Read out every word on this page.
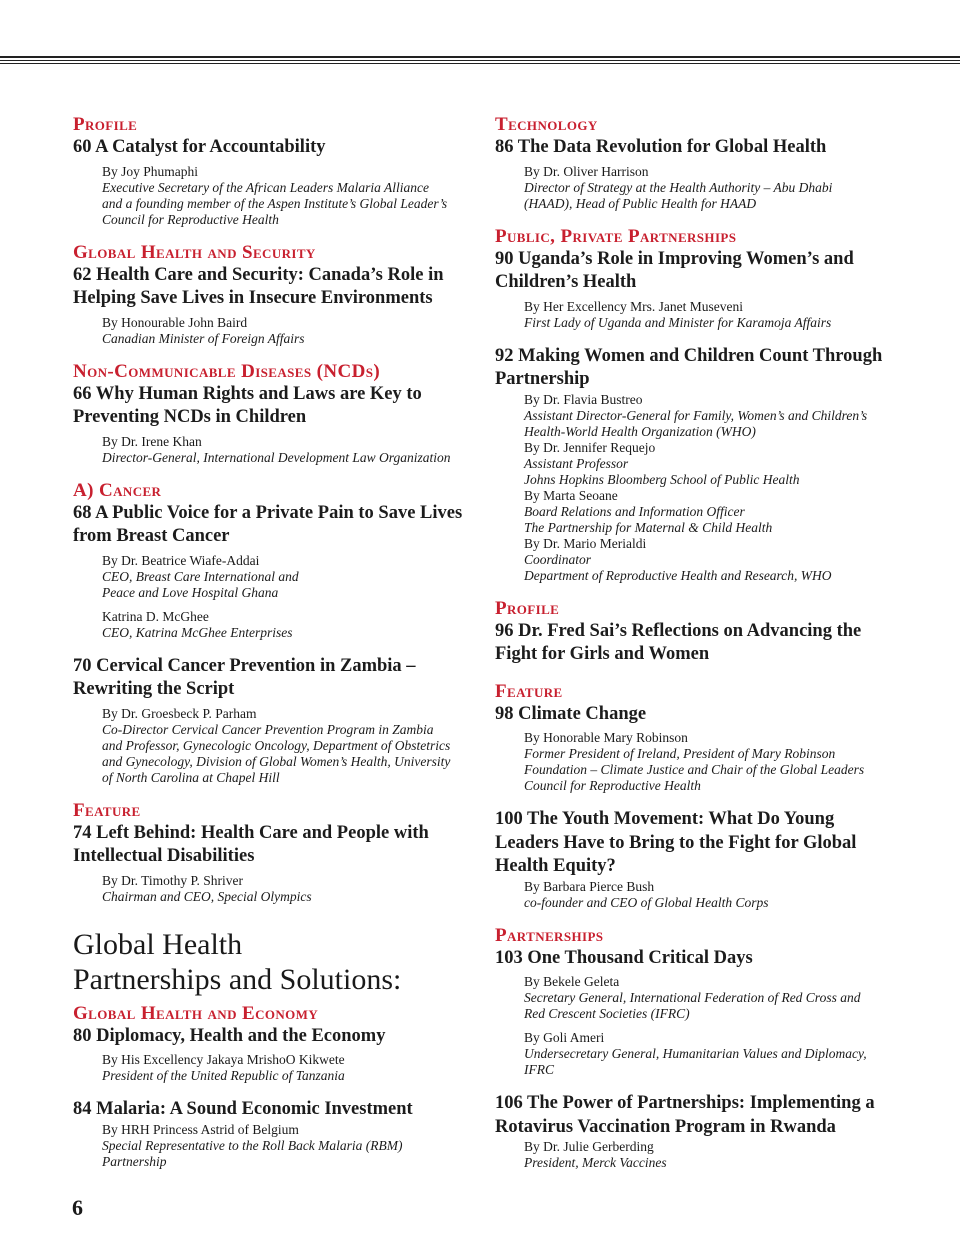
Profile
60 A Catalyst for Accountability
By Joy Phumaphi
Executive Secretary of the African Leaders Malaria Alliance
and a founding member of the Aspen Institute’s Global Leader’s
Council for Reproductive Health
Global Health and Security
62 Health Care and Security: Canada’s Role in Helping Save Lives in Insecure Environments
By Honourable John Baird
Canadian Minister of Foreign Affairs
Non-Communicable Diseases (NCDs)
66 Why Human Rights and Laws are Key to Preventing NCDs in Children
By Dr. Irene Khan
Director-General, International Development Law Organization
A) Cancer
68 A Public Voice for a Private Pain to Save Lives from Breast Cancer
By Dr. Beatrice Wiafe-Addai
CEO, Breast Care International and
Peace and Love Hospital Ghana
Katrina D. McGhee
CEO, Katrina McGhee Enterprises
70 Cervical Cancer Prevention in Zambia – Rewriting the Script
By Dr. Groesbeck P. Parham
Co-Director Cervical Cancer Prevention Program in Zambia
and Professor, Gynecologic Oncology, Department of Obstetrics
and Gynecology, Division of Global Women’s Health, University
of North Carolina at Chapel Hill
Feature
74 Left Behind: Health Care and People with Intellectual Disabilities
By Dr. Timothy P. Shriver
Chairman and CEO, Special Olympics
Global Health
Partnerships and Solutions:
Global Health and Economy
80 Diplomacy, Health and the Economy
By His Excellency Jakaya MrishoO Kikwete
President of the United Republic of Tanzania
84 Malaria: A Sound Economic Investment
By HRH Princess Astrid of Belgium
Special Representative to the Roll Back Malaria (RBM)
Partnership
Technology
86 The Data Revolution for Global Health
By Dr. Oliver Harrison
Director of Strategy at the Health Authority – Abu Dhabi
(HAAD), Head of Public Health for HAAD
Public, Private Partnerships
90 Uganda’s Role in Improving Women’s and Children’s Health
By Her Excellency Mrs. Janet Museveni
First Lady of Uganda and Minister for Karamoja Affairs
92 Making Women and Children Count Through Partnership
By Dr. Flavia Bustreo
Assistant Director-General for Family, Women’s and Children’s
Health-World Health Organization (WHO)
By Dr. Jennifer Requejo
Assistant Professor
Johns Hopkins Bloomberg School of Public Health
By Marta Seoane
Board Relations and Information Officer
The Partnership for Maternal & Child Health
By Dr. Mario Merialdi
Coordinator
Department of Reproductive Health and Research, WHO
Profile
96 Dr. Fred Sai’s Reflections on Advancing the Fight for Girls and Women
Feature
98 Climate Change
By Honorable Mary Robinson
Former President of Ireland, President of Mary Robinson
Foundation – Climate Justice and Chair of the Global Leaders
Council for Reproductive Health
100 The Youth Movement: What Do Young Leaders Have to Bring to the Fight for Global Health Equity?
By Barbara Pierce Bush
co-founder and CEO of Global Health Corps
Partnerships
103 One Thousand Critical Days
By Bekele Geleta
Secretary General, International Federation of Red Cross and
Red Crescent Societies (IFRC)
By Goli Ameri
Undersecretary General, Humanitarian Values and Diplomacy, IFRC
106 The Power of Partnerships: Implementing a Rotavirus Vaccination Program in Rwanda
By Dr. Julie Gerberding
President, Merck Vaccines
6
